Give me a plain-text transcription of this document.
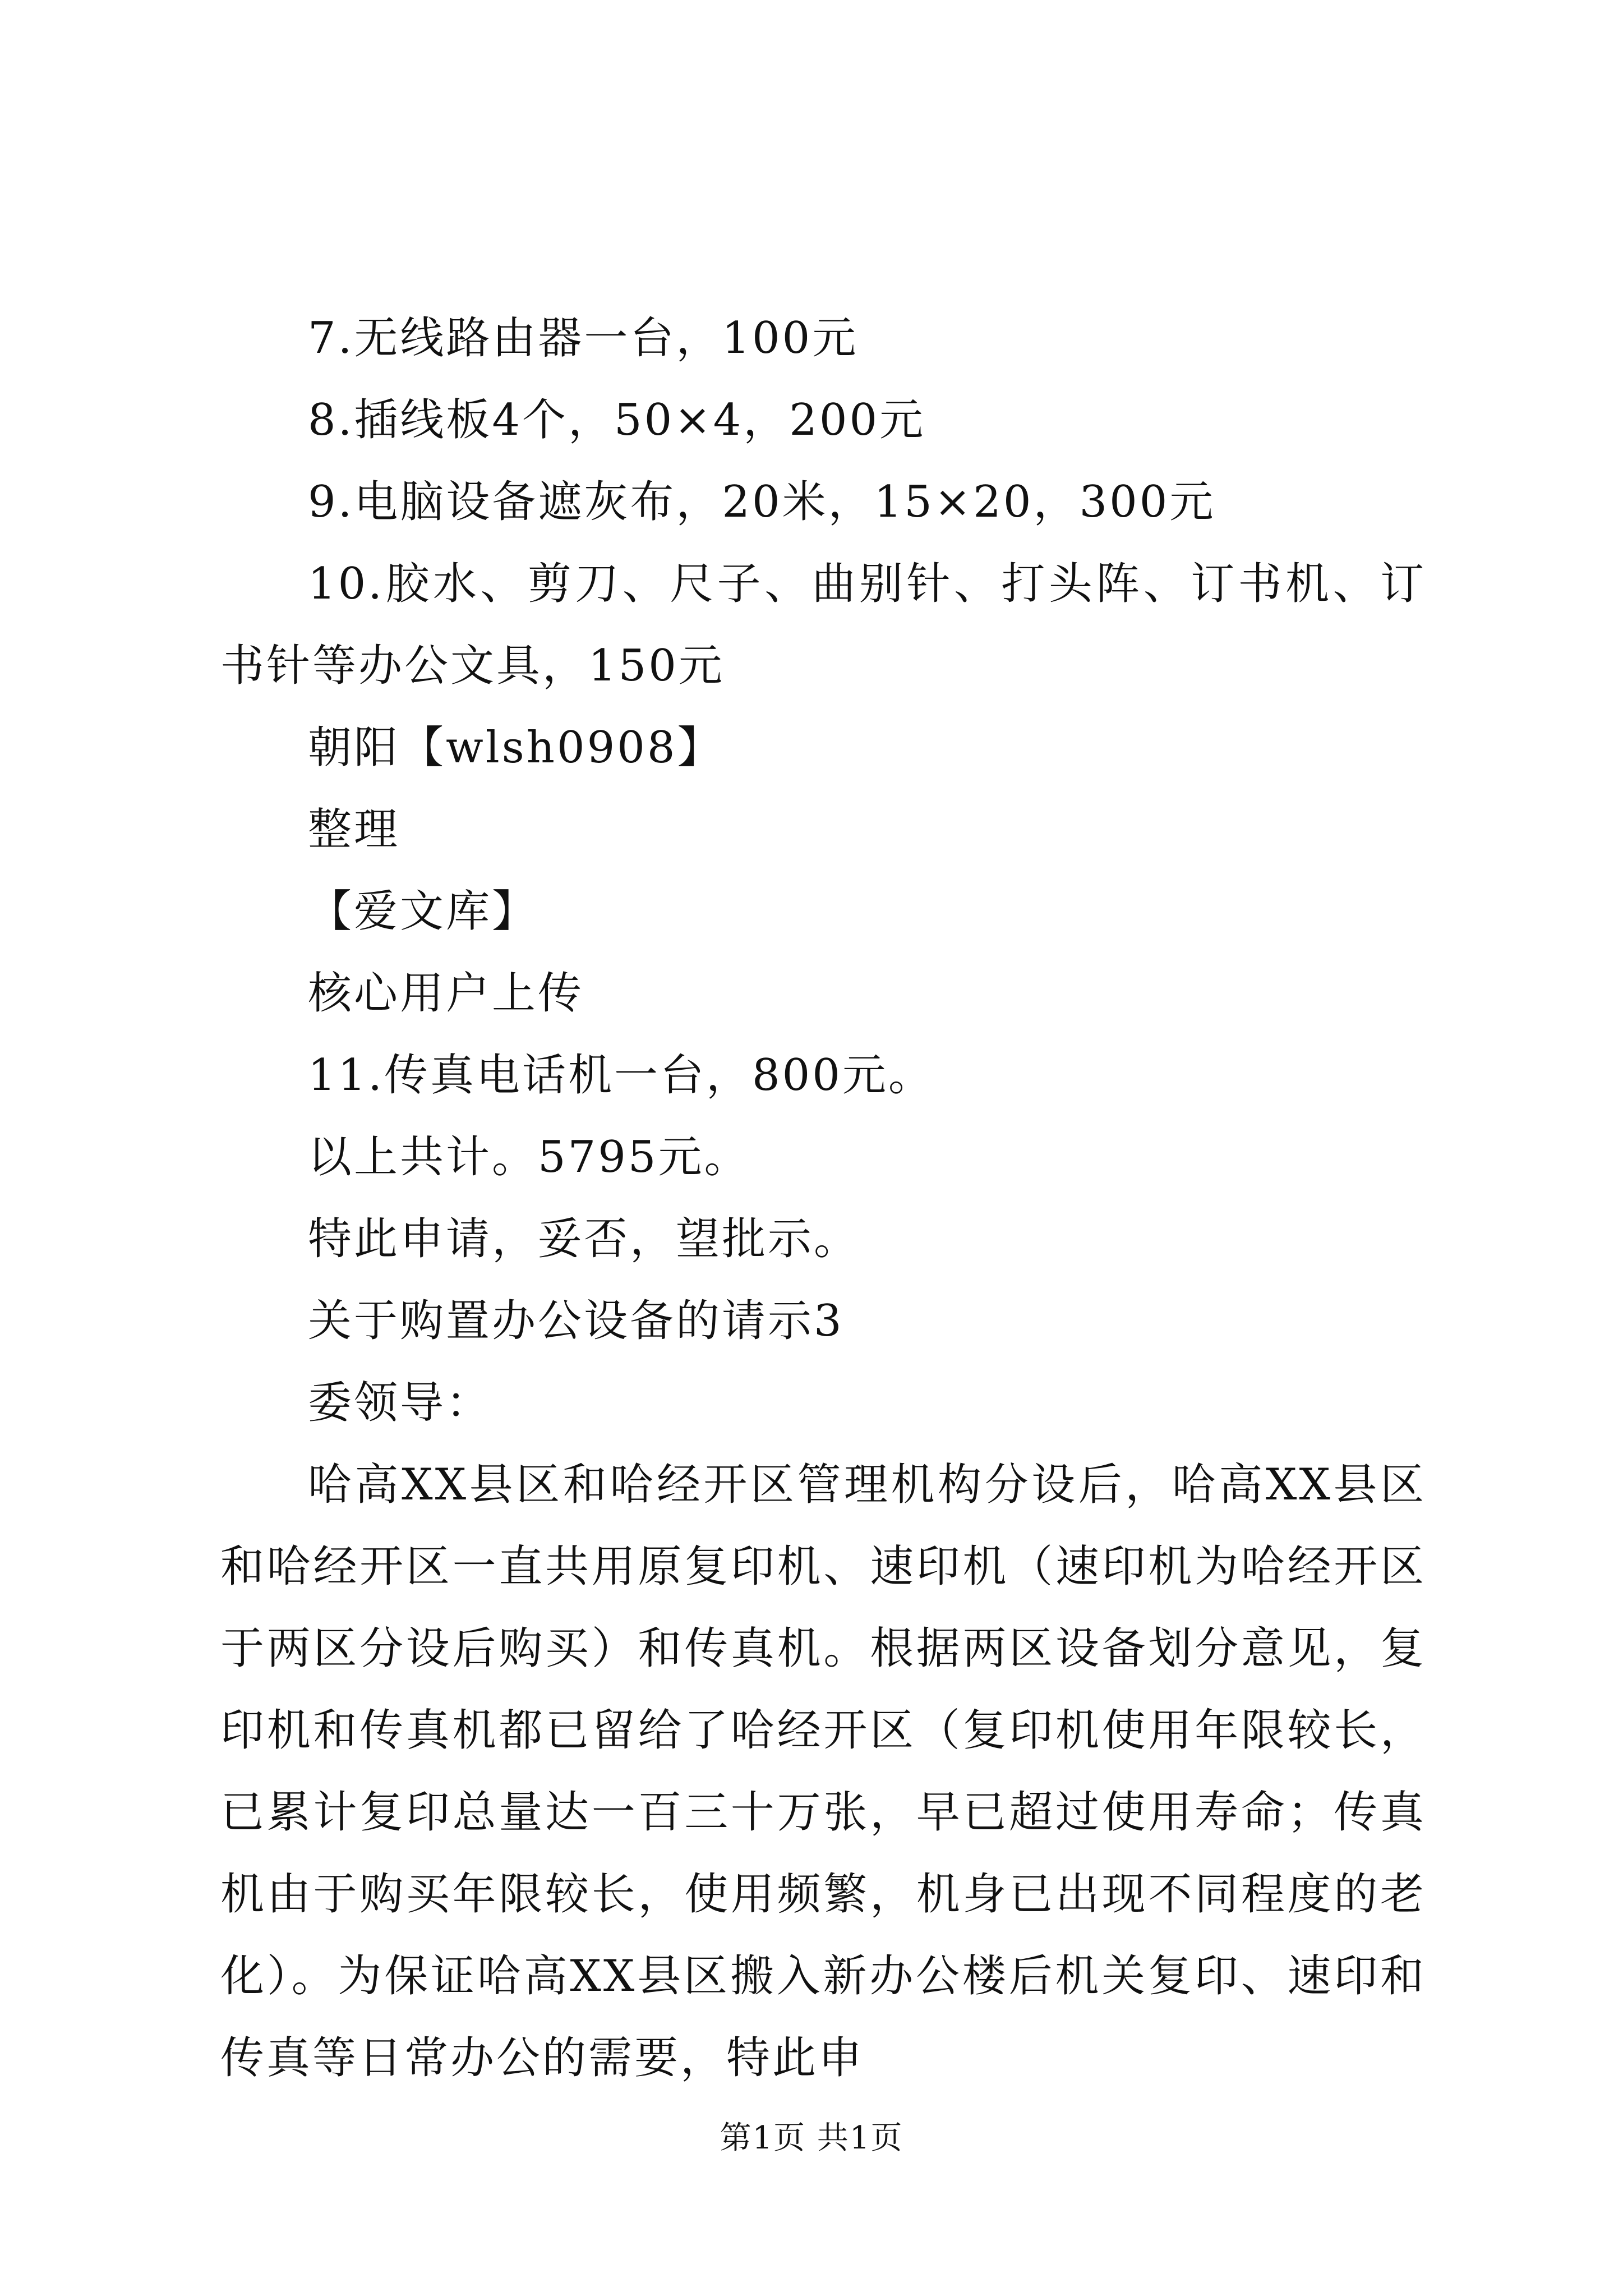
7.无线路由器一台，100元

8.插线板4个，50×4，200元

9.电脑设备遮灰布，20米，15×20，300元

10.胶水、剪刀、尺子、曲别针、打头阵、订书机、订书针等办公文具，150元

朝阳【wlsh0908】

整理

【爱文库】

核心用户上传

11.传真电话机一台，800元。

以上共计。5795元。

特此申请，妥否，望批示。

关于购置办公设备的请示3

委领导：

哈高XX县区和哈经开区管理机构分设后，哈高XX县区和哈经开区一直共用原复印机、速印机（速印机为哈经开区于两区分设后购买）和传真机。根据两区设备划分意见，复印机和传真机都已留给了哈经开区（复印机使用年限较长，已累计复印总量达一百三十万张，早已超过使用寿命；传真机由于购买年限较长，使用频繁，机身已出现不同程度的老化）。为保证哈高XX县区搬入新办公楼后机关复印、速印和传真等日常办公的需要，特此申

第1页 共1页
